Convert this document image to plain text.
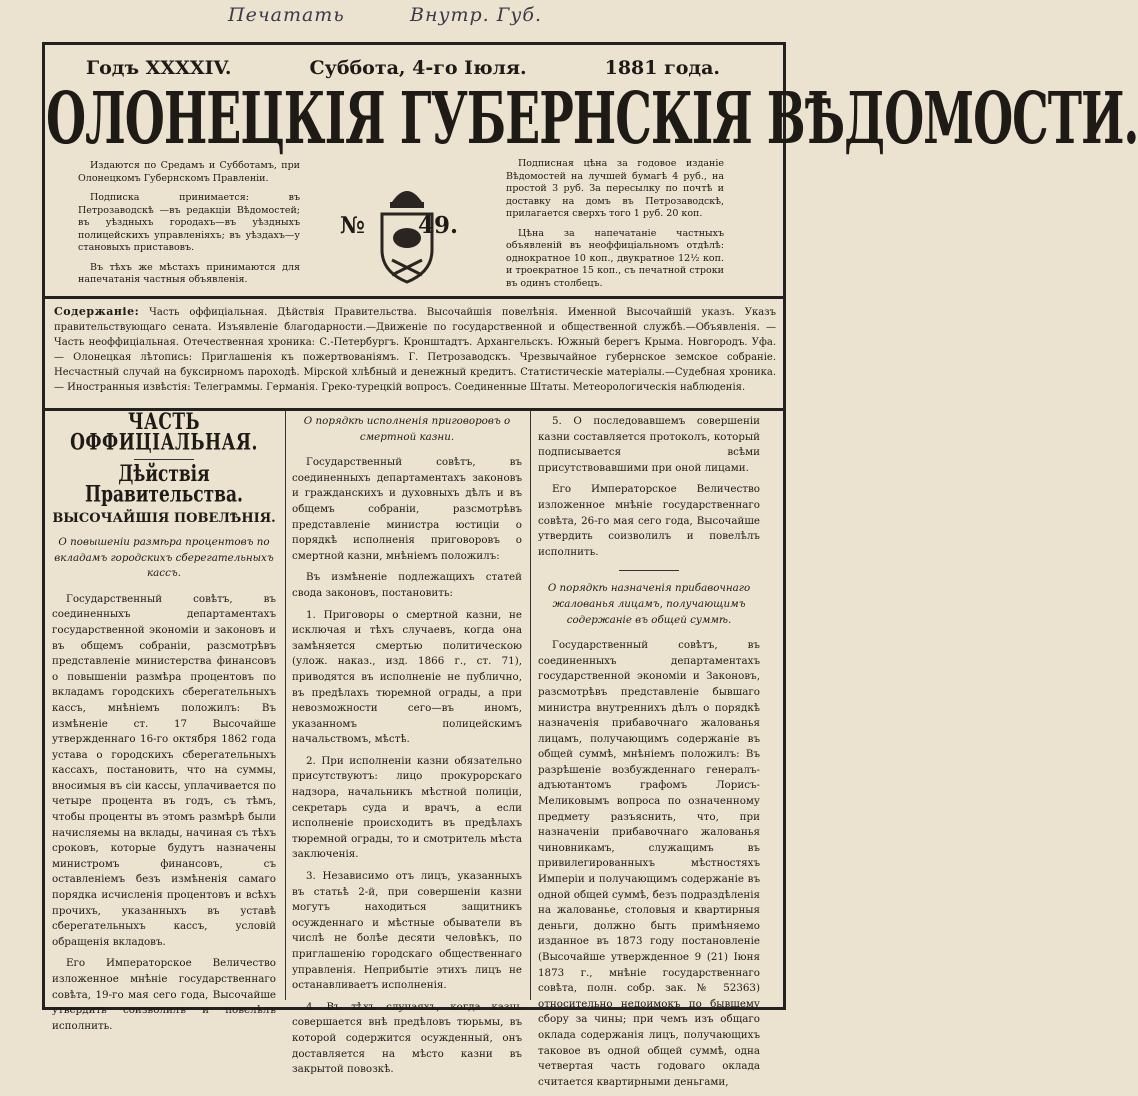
Печатать	Внутр. Губ.
Годъ XXXXIV.	Суббота, 4-го Іюля.	1881 года.
ОЛОНЕЦКІЯ ГУБЕРНСКІЯ ВѢДОМОСТИ.

Издаются по Средамъ и Субботамъ, при Олонецкомъ Губернскомъ Правленіи.

Подписка принимается: въ Петрозаводскѣ —въ редакціи Вѣдомостей; въ уѣздныхъ городахъ—въ уѣздныхъ полицейскихъ управленіяхъ; въ уѣздахъ—у становыхъ приставовъ.

Въ тѣхъ же мѣстахъ принимаются для напечатанія частныя объявленія.

№ 49.

Подписная цѣна за годовое изданіе Вѣдомостей на лучшей бумагѣ 4 руб., на простой 3 руб. За пересылку по почтѣ и доставку на домъ въ Петрозаводскѣ, прилагается сверхъ того 1 руб. 20 коп.

Цѣна за напечатаніе частныхъ объявленій въ неоффиціальномъ отдѣлѣ: однократное 10 коп., двукратное 12½ коп. и троекратное 15 коп., съ печатной строки въ одинъ столбецъ.

Содержаніе: Часть оффиціальная. Дѣйствія Правительства. Высочайшія повелѣнія. Именной Высочайшій указъ. Указъ правительствующаго сената. Изъявленіе благодарности.—Движеніе по государственной и общественной службѣ.—Объявленія. — Часть неоффиціальная. Отечественная хроника: С.-Петербургъ. Кронштадтъ. Архангельскъ. Южный берегъ Крыма. Новгородъ. Уфа. — Олонецкая лѣтопись: Приглашенія къ пожертвованіямъ. Г. Петрозаводскъ. Чрезвычайное губернское земское собраніе. Несчастный случай на буксирномъ пароходѣ. Мірской хлѣбный и денежный кредитъ. Статистическіе матеріалы.—Судебная хроника. — Иностранныя извѣстія: Телеграммы. Германія. Греко-турецкій вопросъ. Соединенные Штаты. Метеорологическія наблюденія.
ЧАСТЬ ОФФИЦІАЛЬНАЯ.
Дѣйствія Правительства.
ВЫСОЧАЙШІЯ ПОВЕЛѢНІЯ.
О повышеніи размѣра процентовъ по вкладамъ городскихъ сберегательныхъ кассъ.

Государственный совѣтъ, въ соединенныхъ департаментахъ государственной экономіи и законовъ и въ общемъ собраніи, разсмотрѣвъ представленіе министерства финансовъ о повышеніи размѣра процентовъ по вкладамъ городскихъ сберегательныхъ кассъ, мнѣніемъ положилъ: Въ измѣненіе ст. 17 Высочайше утвержденнаго 16-го октября 1862 года устава о городскихъ сберегательныхъ кассахъ, постановить, что на суммы, вносимыя въ сіи кассы, уплачивается по четыре процента въ годъ, съ тѣмъ, чтобы проценты въ этомъ размѣрѣ были начисляемы на вклады, начиная съ тѣхъ сроковъ, которые будутъ назначены министромъ финансовъ, съ оставленіемъ безъ измѣненія самаго порядка исчисленія процентовъ и всѣхъ прочихъ, указанныхъ въ уставѣ сберегательныхъ кассъ, условій обращенія вкладовъ.

Его Императорское Величество изложенное мнѣніе государственнаго совѣта, 19-го мая сего года, Высочайше утвердить соизволилъ и повелѣлъ исполнить.

О порядкѣ исполненія приговоровъ о смертной казни.

Государственный совѣтъ, въ соединенныхъ департаментахъ законовъ и гражданскихъ и духовныхъ дѣлъ и въ общемъ собраніи, разсмотрѣвъ представленіе министра юстиціи о порядкѣ исполненія приговоровъ о смертной казни, мнѣніемъ положилъ:

Въ измѣненіе подлежащихъ статей свода законовъ, постановить:

1. Приговоры о смертной казни, не исключая и тѣхъ случаевъ, когда она замѣняется смертью политическою (улож. наказ., изд. 1866 г., ст. 71), приводятся въ исполненіе не публично, въ предѣлахъ тюремной ограды, а при невозможности сего—въ иномъ, указанномъ полицейскимъ начальствомъ, мѣстѣ.

2. При исполненіи казни обязательно присутствуютъ: лицо прокурорскаго надзора, начальникъ мѣстной полиціи, секретарь суда и врачъ, а если исполненіе происходитъ въ предѣлахъ тюремной ограды, то и смотритель мѣста заключенія.

3. Независимо отъ лицъ, указанныхъ въ статьѣ 2-й, при совершеніи казни могутъ находиться защитникъ осужденнаго и мѣстные обыватели въ числѣ не болѣе десяти человѣкъ, по приглашенію городскаго общественнаго управленія. Неприбытіе этихъ лицъ не останавливаетъ исполненія.

4. Въ тѣхъ случаяхъ, когда казнь совершается внѣ предѣловъ тюрьмы, въ которой содержится осужденный, онъ доставляется на мѣсто казни въ закрытой повозкѣ.

5. О последовавшемъ совершеніи казни составляется протоколъ, который подписывается всѣми присутствовавшими при оной лицами.

Его Императорское Величество изложенное мнѣніе государственнаго совѣта, 26-го мая сего года, Высочайше утвердить соизволилъ и повелѣлъ исполнить.

О порядкѣ назначенія прибавочнаго жалованья лицамъ, получающимъ содержаніе въ общей суммѣ.

Государственный совѣтъ, въ соединенныхъ департаментахъ государственной экономіи и Законовъ, разсмотрѣвъ представленіе бывшаго министра внутреннихъ дѣлъ о порядкѣ назначенія прибавочнаго жалованья лицамъ, получающимъ содержаніе въ общей суммѣ, мнѣніемъ положилъ: Въ разрѣшеніе возбужденнаго генералъ-адъютантомъ графомъ Лорисъ-Меликовымъ вопроса по означенному предмету разъяснить, что, при назначеніи прибавочнаго жалованья чиновникамъ, служащимъ въ привилегированныхъ мѣстностяхъ Имперіи и получающимъ содержаніе въ одной общей суммѣ, безъ подраздѣленія на жалованье, столовыя и квартирныя деньги, должно быть примѣняемо изданное въ 1873 году постановленіе (Высочайше утвержденное 9 (21) Іюня 1873 г., мнѣніе государственнаго совѣта, полн. собр. зак. № 52363) относительно недоимокъ по бывшему сбору за чины; при чемъ изъ общаго оклада содержанія лицъ, получающихъ таковое въ одной общей суммѣ, одна четвертая часть годоваго оклада считается квартирными деньгами,
